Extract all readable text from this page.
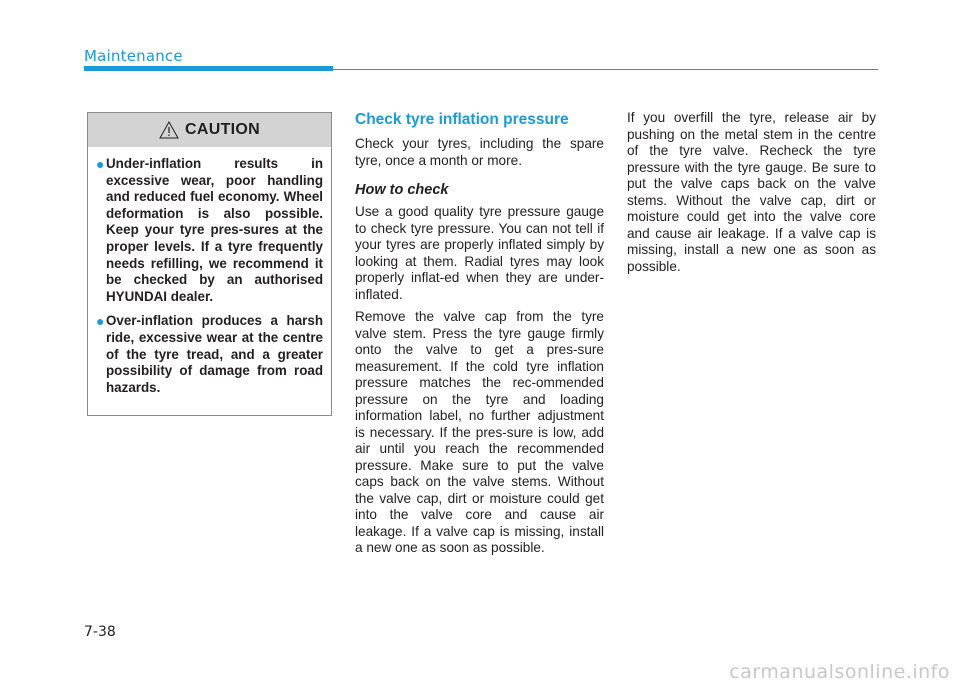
Maintenance
CAUTION
● Under-inflation results in excessive wear, poor handling and reduced fuel economy. Wheel deformation is also possible. Keep your tyre pres-sures at the proper levels. If a tyre frequently needs refilling, we recommend it be checked by an authorised HYUNDAI dealer.
● Over-inflation produces a harsh ride, excessive wear at the centre of the tyre tread, and a greater possibility of damage from road hazards.
Check tyre inflation pressure

Check your tyres, including the spare tyre, once a month or more.

How to check

Use a good quality tyre pressure gauge to check tyre pressure. You can not tell if your tyres are properly inflated simply by looking at them. Radial tyres may look properly inflat-ed when they are under-inflated.

Remove the valve cap from the tyre valve stem. Press the tyre gauge firmly onto the valve to get a pres-sure measurement. If the cold tyre inflation pressure matches the rec-ommended pressure on the tyre and loading information label, no further adjustment is necessary. If the pres-sure is low, add air until you reach the recommended pressure. Make sure to put the valve caps back on the valve stems. Without the valve cap, dirt or moisture could get into the valve core and cause air leakage. If a valve cap is missing, install a new one as soon as possible.

If you overfill the tyre, release air by pushing on the metal stem in the centre of the tyre valve. Recheck the tyre pressure with the tyre gauge. Be sure to put the valve caps back on the valve stems. Without the valve cap, dirt or moisture could get into the valve core and cause air leakage. If a valve cap is missing, install a new one as soon as possible.

7-38
carmanualsonline.info
